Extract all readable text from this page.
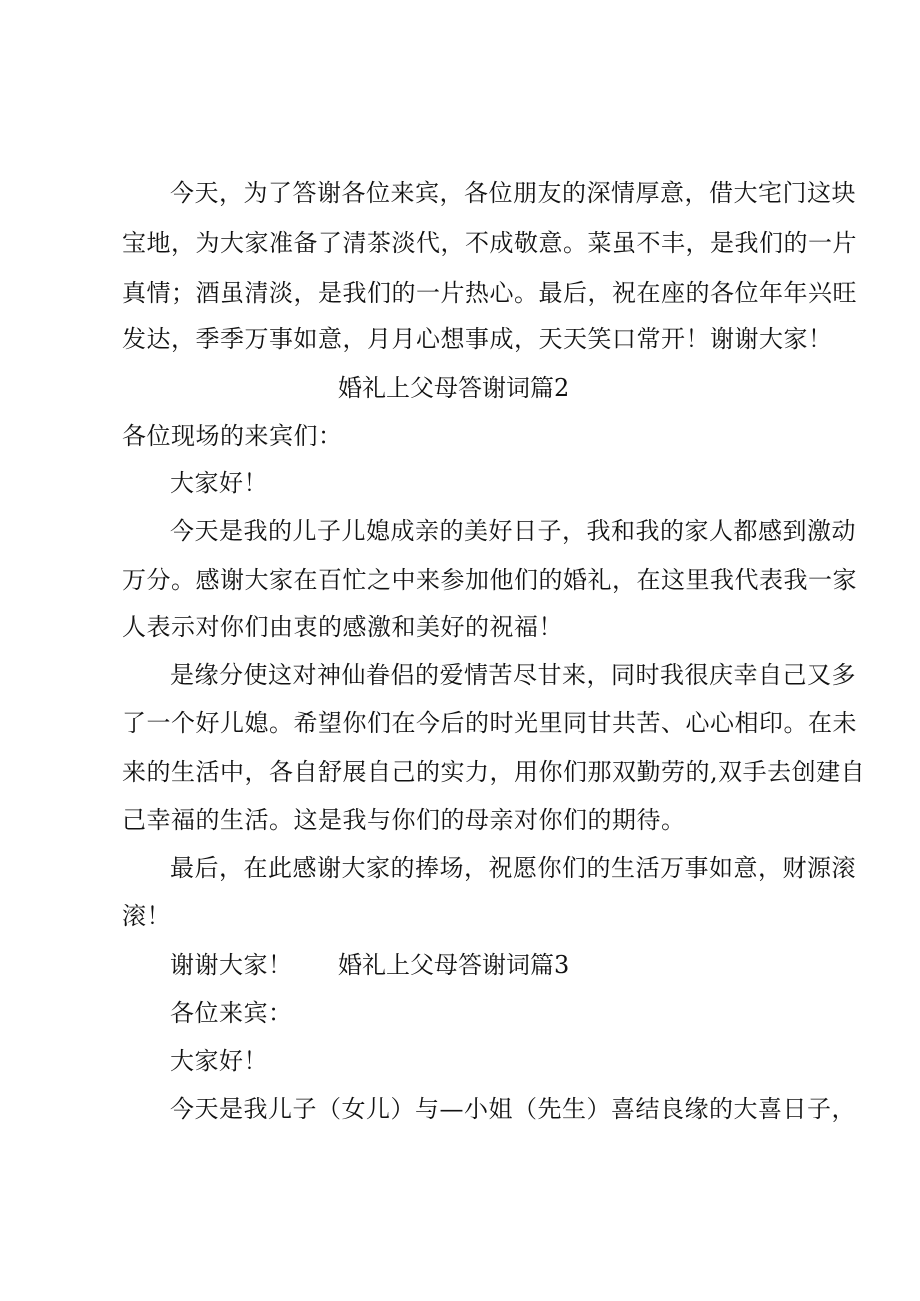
今天，为了答谢各位来宾，各位朋友的深情厚意，借大宅门这块
宝地，为大家准备了清茶淡代，不成敬意。菜虽不丰，是我们的一片
真情；酒虽清淡，是我们的一片热心。最后，祝在座的各位年年兴旺
发达，季季万事如意，月月心想事成，天天笑口常开！谢谢大家！
婚礼上父母答谢词篇2
各位现场的来宾们：
大家好！
今天是我的儿子儿媳成亲的美好日子，我和我的家人都感到激动
万分。感谢大家在百忙之中来参加他们的婚礼，在这里我代表我一家
人表示对你们由衷的感激和美好的祝福！
是缘分使这对神仙眷侣的爱情苦尽甘来，同时我很庆幸自己又多
了一个好儿媳。希望你们在今后的时光里同甘共苦、心心相印。在未
来的生活中，各自舒展自己的实力，用你们那双勤劳的,双手去创建自
己幸福的生活。这是我与你们的母亲对你们的期待。
最后，在此感谢大家的捧场，祝愿你们的生活万事如意，财源滚
滚！
谢谢大家！ 婚礼上父母答谢词篇3
各位来宾：
大家好！
今天是我儿子（女儿）与—小姐（先生）喜结良缘的大喜日子，
